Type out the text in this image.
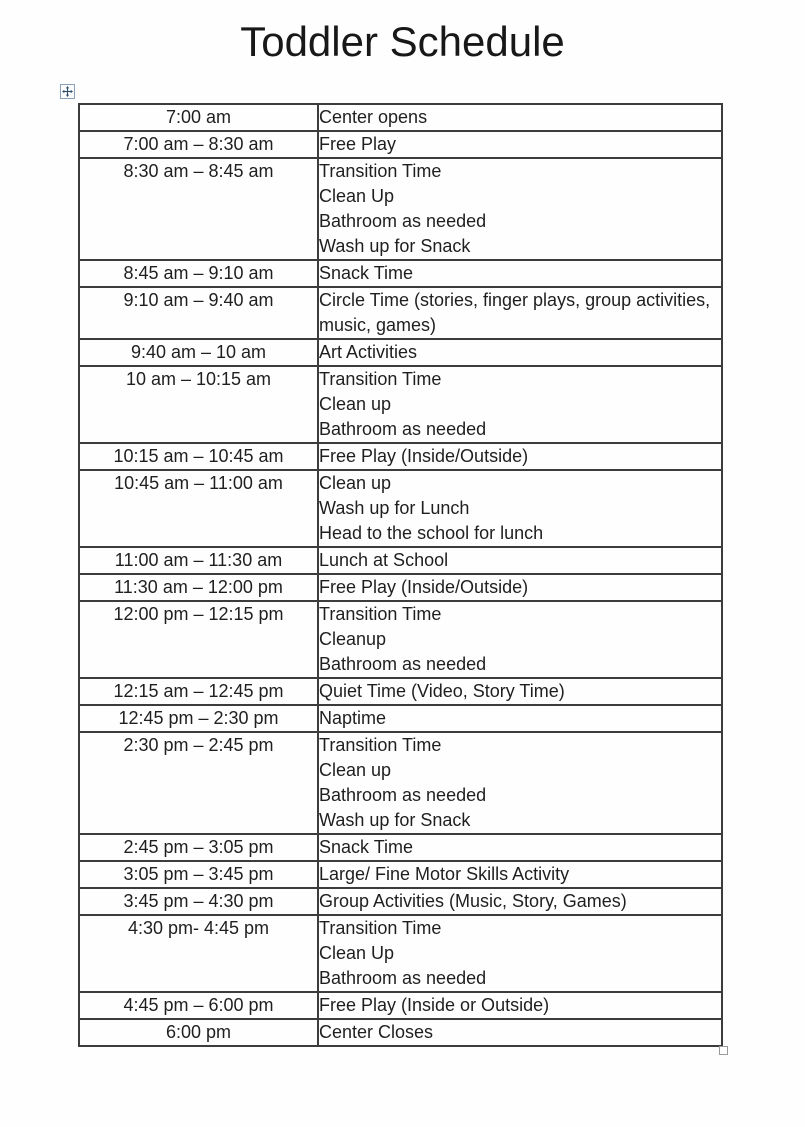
Toddler Schedule
7:00 am	Center opens

7:00 am – 8:30 am	Free Play

8:30 am – 8:45 am	Transition Time
Clean Up
Bathroom as needed
Wash up for Snack

8:45 am – 9:10 am	Snack Time

9:10 am – 9:40 am	Circle Time (stories, finger plays, group activities, music, games)

9:40 am – 10 am	Art Activities

10 am – 10:15 am	Transition Time
Clean up
Bathroom as needed

10:15 am – 10:45 am	Free Play (Inside/Outside)

10:45 am – 11:00 am	Clean up
Wash up for Lunch
Head to the school for lunch

11:00 am – 11:30 am	Lunch at School

11:30 am – 12:00 pm	Free Play (Inside/Outside)

12:00 pm – 12:15 pm	Transition Time
Cleanup
Bathroom as needed

12:15 am – 12:45 pm	Quiet Time (Video, Story Time)

12:45 pm – 2:30 pm	Naptime

2:30 pm – 2:45 pm	Transition Time
Clean up
Bathroom as needed
Wash up for Snack

2:45 pm – 3:05 pm	Snack Time

3:05 pm – 3:45 pm	Large/ Fine Motor Skills Activity

3:45 pm – 4:30 pm	Group Activities (Music, Story, Games)

4:30 pm- 4:45 pm	Transition Time
Clean Up
Bathroom as needed

4:45 pm – 6:00 pm	Free Play (Inside or Outside)

6:00 pm	Center Closes
